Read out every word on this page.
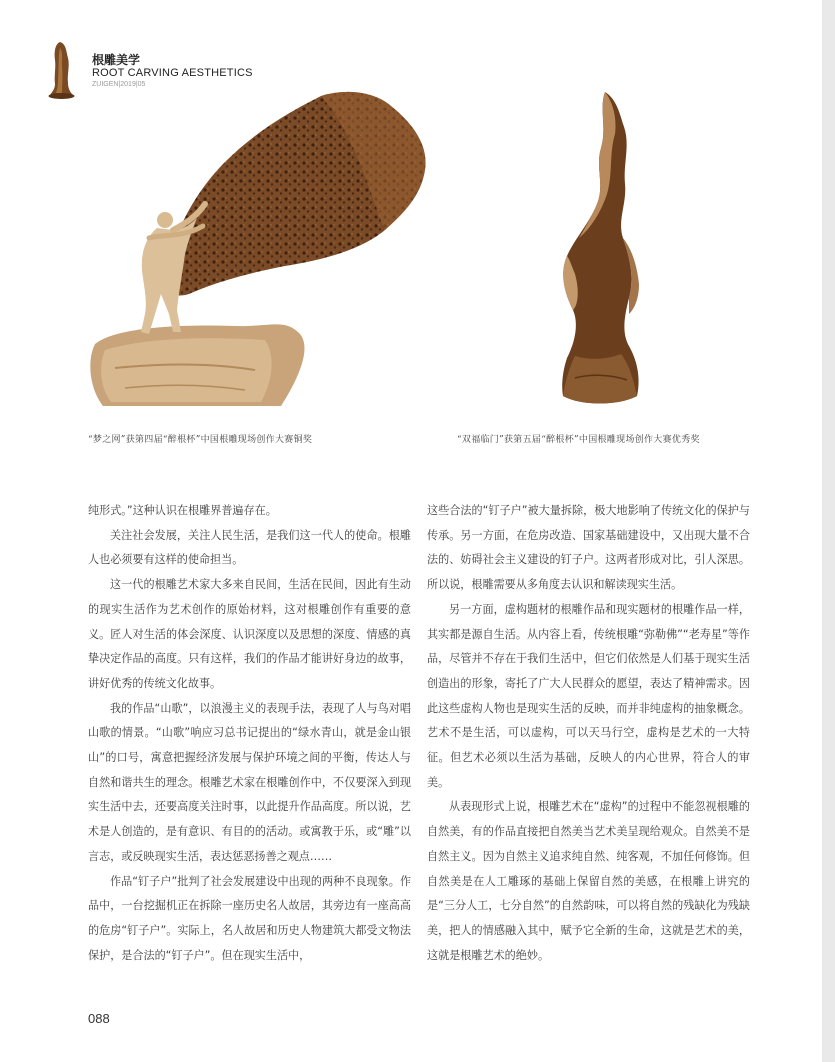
根雕美学
ROOT CARVING AESTHETICS
ZUIGEN|2019|05
“梦之网”获第四届“醉根杯”中国根雕现场创作大赛铜奖	“双福临门”获第五届“醉根杯”中国根雕现场创作大赛优秀奖

纯形式。”这种认识在根雕界普遍存在。

关注社会发展，关注人民生活，是我们这一代人的使命。根雕人也必须要有这样的使命担当。

这一代的根雕艺术家大多来自民间，生活在民间，因此有生动的现实生活作为艺术创作的原始材料，这对根雕创作有重要的意义。匠人对生活的体会深度、认识深度以及思想的深度、情感的真挚决定作品的高度。只有这样，我们的作品才能讲好身边的故事，讲好优秀的传统文化故事。

我的作品“山歌”，以浪漫主义的表现手法，表现了人与鸟对唱山歌的情景。“山歌”响应习总书记提出的“绿水青山，就是金山银山”的口号，寓意把握经济发展与保护环境之间的平衡，传达人与自然和谐共生的理念。根雕艺术家在根雕创作中，不仅要深入到现实生活中去，还要高度关注时事，以此提升作品高度。所以说，艺术是人创造的，是有意识、有目的的活动。或寓教于乐，或“雕”以言志，或反映现实生活，表达惩恶扬善之观点……

作品“钉子户”批判了社会发展建设中出现的两种不良现象。作品中，一台挖掘机正在拆除一座历史名人故居，其旁边有一座高高的危房“钉子户”。实际上，名人故居和历史人物建筑大都受文物法保护，是合法的“钉子户”。但在现实生活中，

这些合法的“钉子户”被大量拆除，极大地影响了传统文化的保护与传承。另一方面，在危房改造、国家基础建设中，又出现大量不合法的、妨碍社会主义建设的钉子户。这两者形成对比，引人深思。所以说，根雕需要从多角度去认识和解读现实生活。

另一方面，虚构题材的根雕作品和现实题材的根雕作品一样，其实都是源自生活。从内容上看，传统根雕“弥勒佛”“老寿星”等作品，尽管并不存在于我们生活中，但它们依然是人们基于现实生活创造出的形象，寄托了广大人民群众的愿望，表达了精神需求。因此这些虚构人物也是现实生活的反映，而并非纯虚构的抽象概念。艺术不是生活，可以虚构，可以天马行空，虚构是艺术的一大特征。但艺术必须以生活为基础，反映人的内心世界，符合人的审美。

从表现形式上说，根雕艺术在“虚构”的过程中不能忽视根雕的自然美，有的作品直接把自然美当艺术美呈现给观众。自然美不是自然主义。因为自然主义追求纯自然、纯客观，不加任何修饰。但自然美是在人工雕琢的基础上保留自然的美感，在根雕上讲究的是“三分人工，七分自然”的自然韵味，可以将自然的残缺化为残缺美，把人的情感融入其中，赋予它全新的生命，这就是艺术的美，这就是根雕艺术的绝妙。

088
